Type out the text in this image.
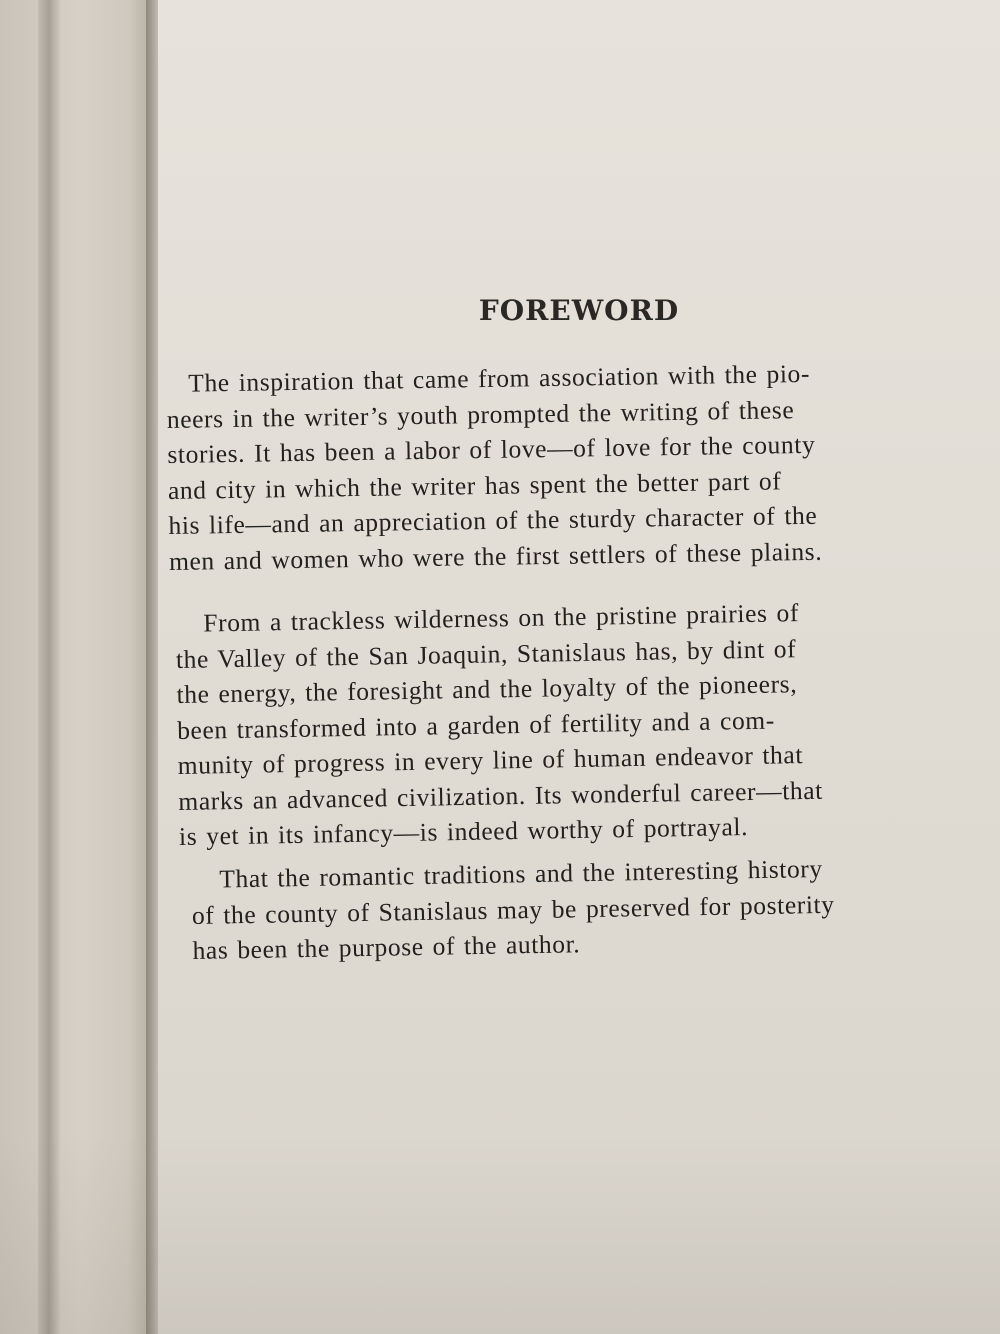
FOREWORD
The inspiration that came from association with the pio-
neers in the writer’s youth prompted the writing of these
stories. It has been a labor of love—of love for the county
and city in which the writer has spent the better part of
his life—and an appreciation of the sturdy character of the
men and women who were the first settlers of these plains.
From a trackless wilderness on the pristine prairies of
the Valley of the San Joaquin, Stanislaus has, by dint of
the energy, the foresight and the loyalty of the pioneers,
been transformed into a garden of fertility and a com-
munity of progress in every line of human endeavor that
marks an advanced civilization. Its wonderful career—that
is yet in its infancy—is indeed worthy of portrayal.
That the romantic traditions and the interesting history
of the county of Stanislaus may be preserved for posterity
has been the purpose of the author.
